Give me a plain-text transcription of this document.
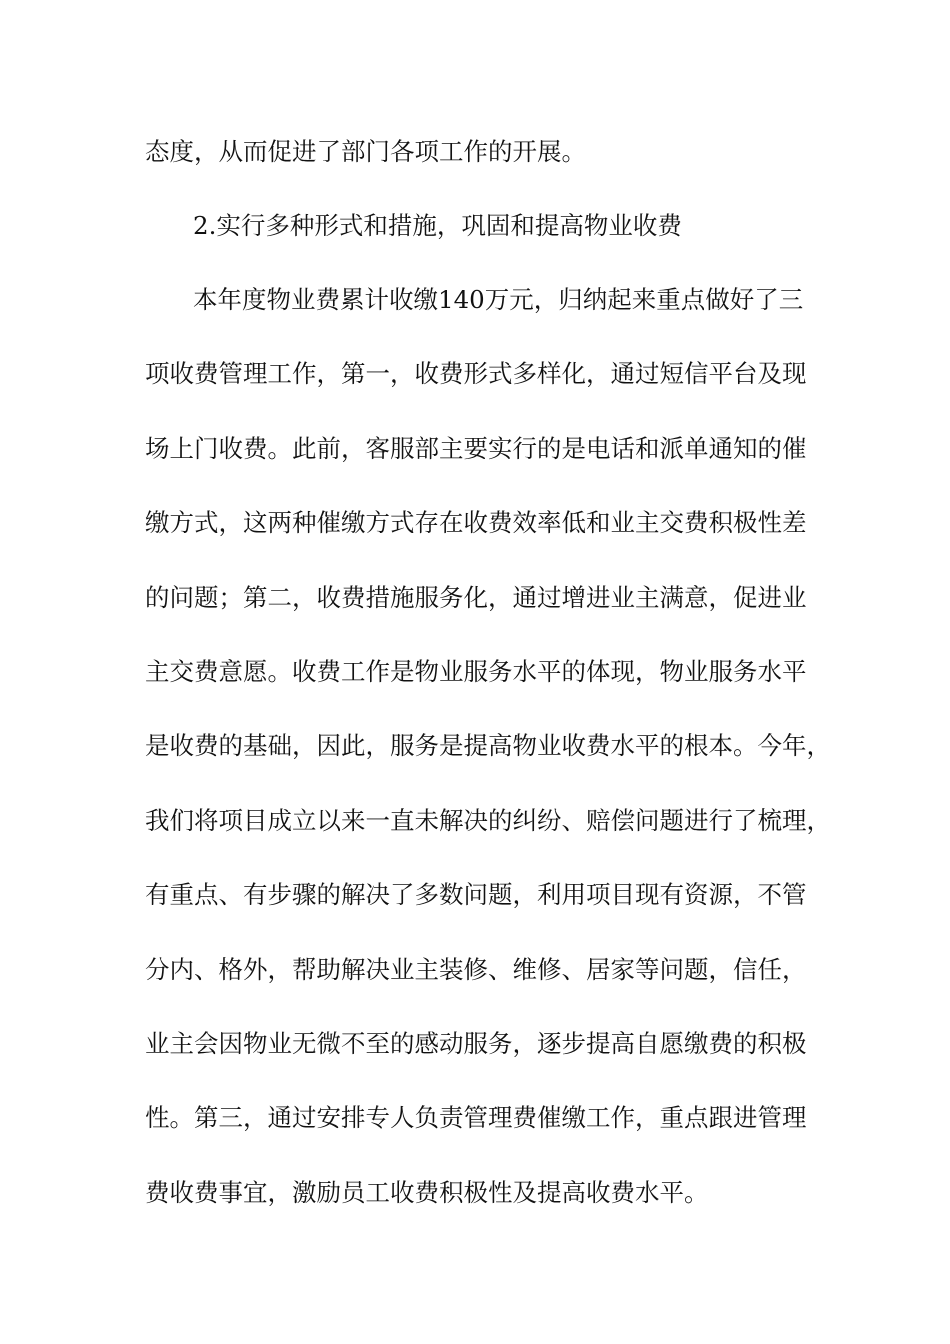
态度，从而促进了部门各项工作的开展。
2.实行多种形式和措施，巩固和提高物业收费
本年度物业费累计收缴140万元，归纳起来重点做好了三
项收费管理工作，第一，收费形式多样化，通过短信平台及现
场上门收费。此前，客服部主要实行的是电话和派单通知的催
缴方式，这两种催缴方式存在收费效率低和业主交费积极性差
的问题；第二，收费措施服务化，通过增进业主满意，促进业
主交费意愿。收费工作是物业服务水平的体现，物业服务水平
是收费的基础，因此，服务是提高物业收费水平的根本。今年，
我们将项目成立以来一直未解决的纠纷、赔偿问题进行了梳理，
有重点、有步骤的解决了多数问题，利用项目现有资源，不管
分内、格外，帮助解决业主装修、维修、居家等问题，信任，
业主会因物业无微不至的感动服务，逐步提高自愿缴费的积极
性。第三，通过安排专人负责管理费催缴工作，重点跟进管理
费收费事宜，激励员工收费积极性及提高收费水平。
